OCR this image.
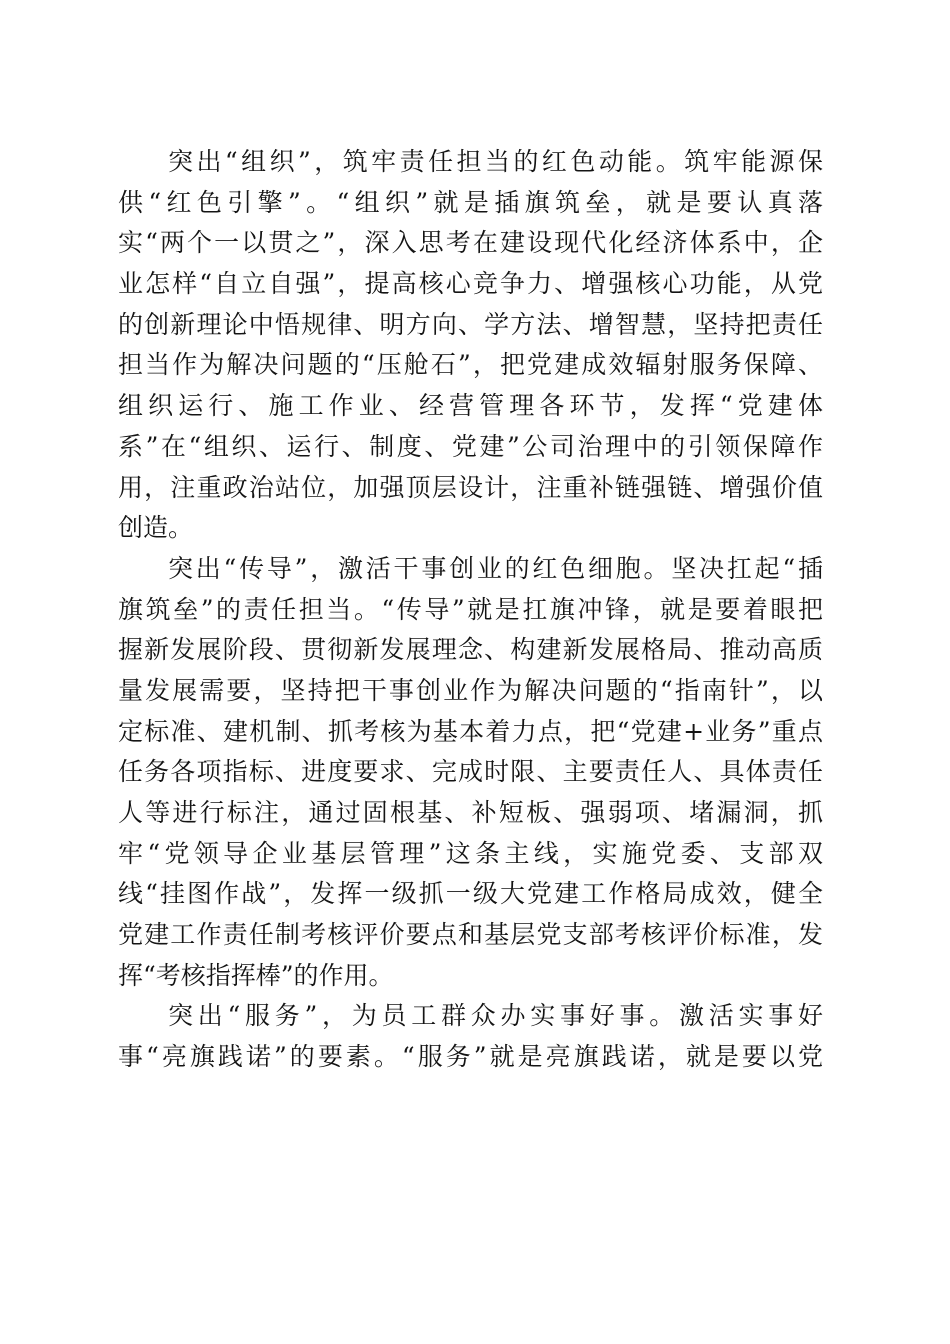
突出“组织”，筑牢责任担当的红色动能。筑牢能源保
供“红色引擎”。“组织”就是插旗筑垒，就是要认真落
实“两个一以贯之”，深入思考在建设现代化经济体系中，企
业怎样“自立自强”，提高核心竞争力、增强核心功能，从党
的创新理论中悟规律、明方向、学方法、增智慧，坚持把责任
担当作为解决问题的“压舱石”，把党建成效辐射服务保障、
组织运行、施工作业、经营管理各环节，发挥“党建体
系”在“组织、运行、制度、党建”公司治理中的引领保障作
用，注重政治站位，加强顶层设计，注重补链强链、增强价值
创造。
突出“传导”，激活干事创业的红色细胞。坚决扛起“插
旗筑垒”的责任担当。“传导”就是扛旗冲锋，就是要着眼把
握新发展阶段、贯彻新发展理念、构建新发展格局、推动高质
量发展需要，坚持把干事创业作为解决问题的“指南针”，以
定标准、建机制、抓考核为基本着力点，把“党建+业务”重点
任务各项指标、进度要求、完成时限、主要责任人、具体责任
人等进行标注，通过固根基、补短板、强弱项、堵漏洞，抓
牢“党领导企业基层管理”这条主线，实施党委、支部双
线“挂图作战”，发挥一级抓一级大党建工作格局成效，健全
党建工作责任制考核评价要点和基层党支部考核评价标准，发
挥“考核指挥棒”的作用。
突出“服务”，为员工群众办实事好事。激活实事好
事“亮旗践诺”的要素。“服务”就是亮旗践诺，就是要以党
